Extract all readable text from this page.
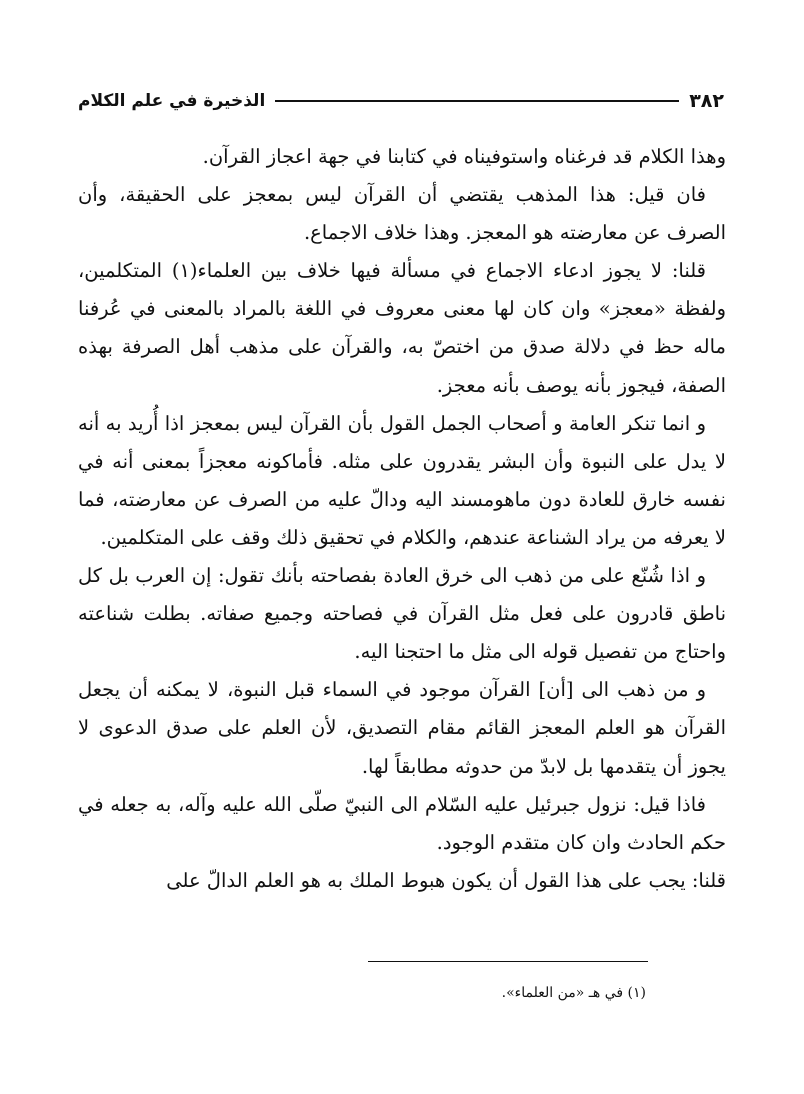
٣٨٢
الذخيرة في علم الكلام

وهذا الكلام قد فرغناه واستوفيناه في كتابنا في جهة اعجاز القرآن.

فان قيل: هذا المذهب يقتضي أن القرآن ليس بمعجز على الحقيقة، وأن الصرف عن معارضته هو المعجز. وهذا خلاف الاجماع.

قلنا: لا يجوز ادعاء الاجماع في مسألة فيها خلاف بين العلماء(١) المتكلمين، ولفظة «معجز» وان كان لها معنى معروف في اللغة بالمراد بالمعنى في عُرفنا ماله حظ في دلالة صدق من اختصّ به، والقرآن على مذهب أهل الصرفة بهذه الصفة، فيجوز بأنه يوصف بأنه معجز.

و انما تنكر العامة و أصحاب الجمل القول بأن القرآن ليس بمعجز اذا أُريد به أنه لا يدل على النبوة وأن البشر يقدرون على مثله. فأماكونه معجزاً بمعنى أنه في نفسه خارق للعادة دون ماهومسند اليه ودالّ عليه من الصرف عن معارضته، فما لا يعرفه من يراد الشناعة عندهم، والكلام في تحقيق ذلك وقف على المتكلمين.

و اذا شُنّع على من ذهب الى خرق العادة بفصاحته بأنك تقول: إن العرب بل كل ناطق قادرون على فعل مثل القرآن في فصاحته وجميع صفاته. بطلت شناعته واحتاج من تفصيل قوله الى مثل ما احتجنا اليه.

و من ذهب الى [أن] القرآن موجود في السماء قبل النبوة، لا يمكنه أن يجعل القرآن هو العلم المعجز القائم مقام التصديق، لأن العلم على صدق الدعوى لا يجوز أن يتقدمها بل لابدّ من حدوثه مطابقاً لها.

فاذا قيل: نزول جبرئيل عليه السّلام الى النبيّ صلّى الله عليه وآله، به جعله في حكم الحادث وان كان متقدم الوجود.

قلنا: يجب على هذا القول أن يكون هبوط الملك به هو العلم الدالّ على

(١) في هـ «من العلماء».
